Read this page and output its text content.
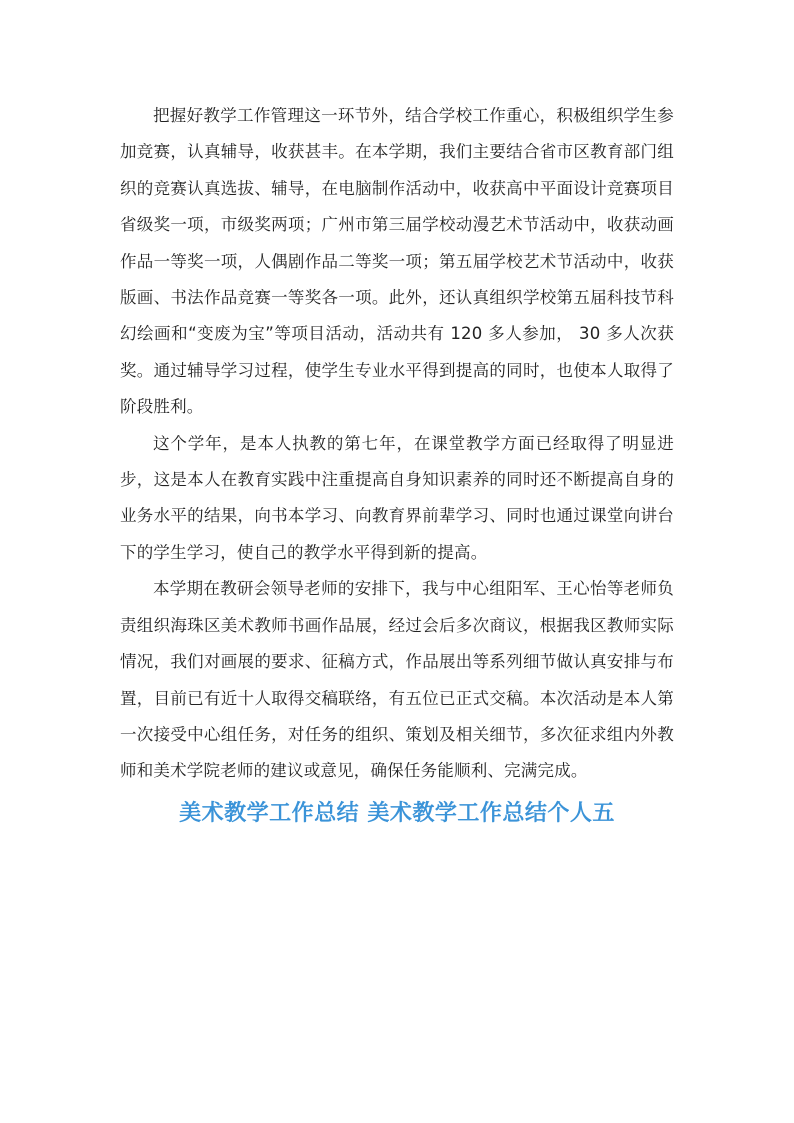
把握好教学工作管理这一环节外，结合学校工作重心，积极组织学生参加竞赛，认真辅导，收获甚丰。在本学期，我们主要结合省市区教育部门组织的竞赛认真选拔、辅导，在电脑制作活动中，收获高中平面设计竞赛项目省级奖一项，市级奖两项；广州市第三届学校动漫艺术节活动中，收获动画作品一等奖一项，人偶剧作品二等奖一项；第五届学校艺术节活动中，收获版画、书法作品竞赛一等奖各一项。此外，还认真组织学校第五届科技节科幻绘画和“变废为宝”等项目活动，活动共有 120 多人参加， 30 多人次获奖。通过辅导学习过程，使学生专业水平得到提高的同时，也使本人取得了阶段胜利。

这个学年，是本人执教的第七年，在课堂教学方面已经取得了明显进步，这是本人在教育实践中注重提高自身知识素养的同时还不断提高自身的业务水平的结果，向书本学习、向教育界前辈学习、同时也通过课堂向讲台下的学生学习，使自己的教学水平得到新的提高。

本学期在教研会领导老师的安排下，我与中心组阳军、王心怡等老师负责组织海珠区美术教师书画作品展，经过会后多次商议，根据我区教师实际情况，我们对画展的要求、征稿方式，作品展出等系列细节做认真安排与布置，目前已有近十人取得交稿联络，有五位已正式交稿。本次活动是本人第一次接受中心组任务，对任务的组织、策划及相关细节，多次征求组内外教师和美术学院老师的建议或意见，确保任务能顺利、完满完成。

美术教学工作总结 美术教学工作总结个人五
